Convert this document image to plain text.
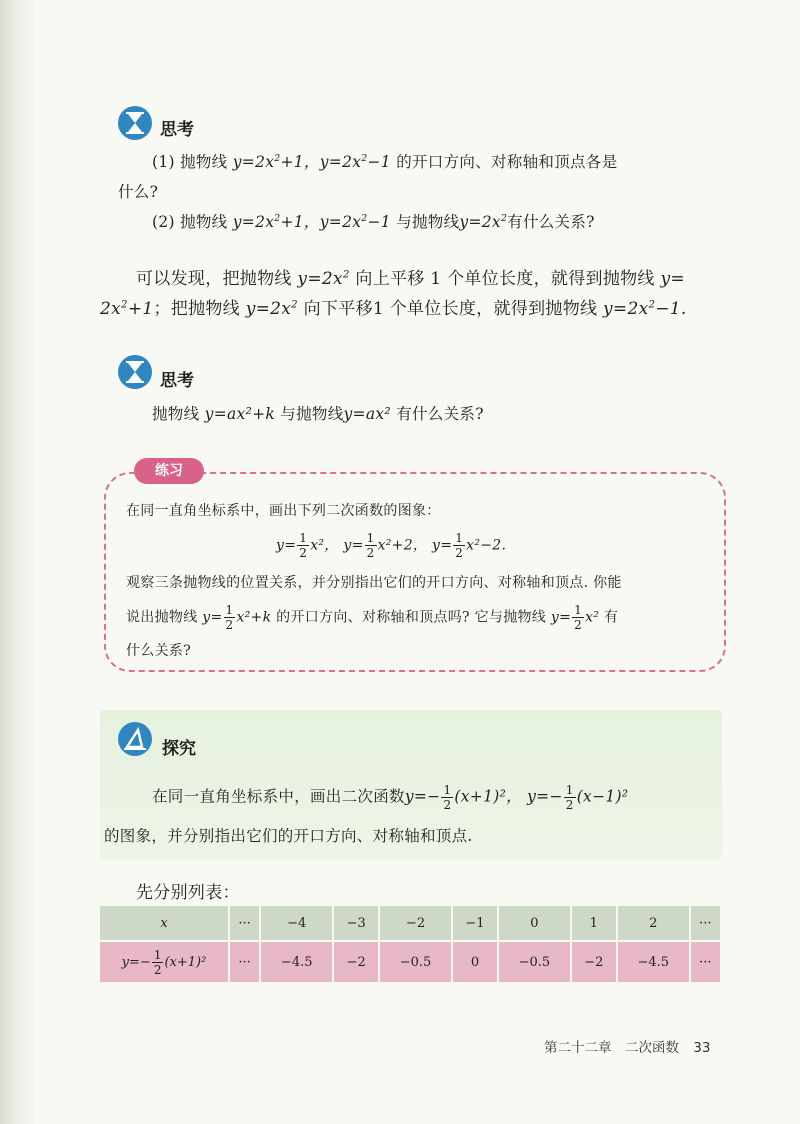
思考
(1) 抛物线 $y=2x^2+1$，$y=2x^2-1$ 的开口方向、对称轴和顶点各是
什么?
(2) 抛物线 $y=2x^2+1$，$y=2x^2-1$ 与抛物线$y=2x^2$有什么关系?
可以发现，把抛物线 $y=2x^2$ 向上平移 1 个单位长度，就得到抛物线 y=
$2x^2+1$；把抛物线 $y=2x^2$ 向下平移1 个单位长度，就得到抛物线 $y=2x^2-1$.
思考
抛物线 y=ax²+k 与抛物线y=ax² 有什么关系?
练习
在同一直角坐标系中，画出下列二次函数的图象：
$y= \frac{1}{2} x^2$， $y= \frac{1}{2} x^2+2$， $y= \frac{1}{2} x^2-2$.
观察三条抛物线的位置关系，并分别指出它们的开口方向、对称轴和顶点. 你能
说出抛物线 $y= \frac{1}{2} x^2+k$ 的开口方向、对称轴和顶点吗? 它与抛物线 $y= \frac{1}{2} x^2$ 有
什么关系?
探究
在同一直角坐标系中，画出二次函数$y=- \frac{1}{2} (x+1)^2$， $y=- \frac{1}{2} (x-1)^2$
的图象，并分别指出它们的开口方向、对称轴和顶点.
先分别列表：
x	···	−4	−3	−2	−1	0	1	2	···
$y=- \frac{1}{2} (x+1)^2$	···	−4.5	−2	−0.5	0	−0.5	−2	−4.5	···
第二十二章　二次函数 33
